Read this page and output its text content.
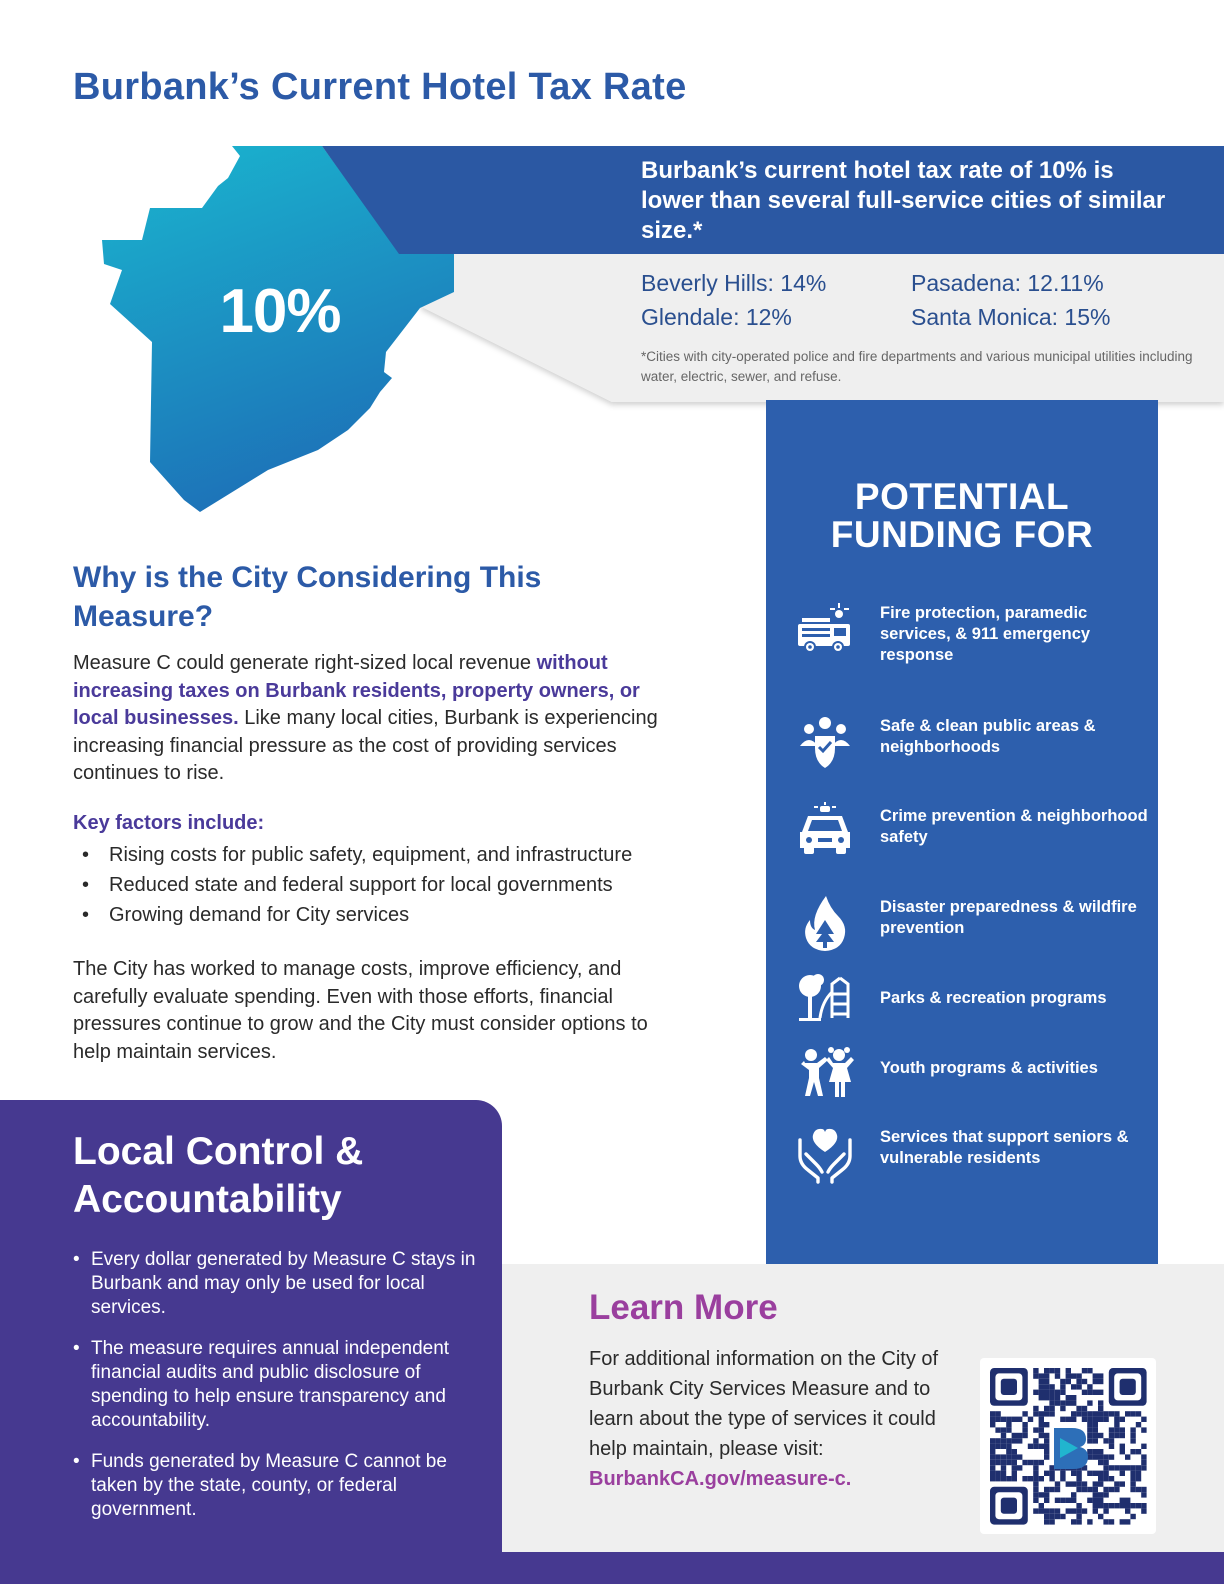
Burbank’s Current Hotel Tax Rate
10%
Burbank’s current hotel tax rate of 10% is lower than several full-service cities of similar size.*
Beverly Hills: 14%	Pasadena: 12.11%
Glendale: 12%	Santa Monica: 15%
*Cities with city-operated police and fire departments and various municipal utilities including water, electric, sewer, and refuse.
POTENTIAL FUNDING FOR
Fire protection, paramedic services, & 911 emergency response
Safe & clean public areas & neighborhoods
Crime prevention & neighborhood safety
Disaster preparedness & wildfire prevention
Parks & recreation programs
Youth programs & activities
Services that support seniors & vulnerable residents
Why is the City Considering This Measure?

Measure C could generate right-sized local revenue without increasing taxes on Burbank residents, property owners, or local businesses. Like many local cities, Burbank is experiencing increasing financial pressure as the cost of providing services continues to rise.

Key factors include:
• Rising costs for public safety, equipment, and infrastructure
• Reduced state and federal support for local governments
• Growing demand for City services

The City has worked to manage costs, improve efficiency, and carefully evaluate spending. Even with those efforts, financial pressures continue to grow and the City must consider options to help maintain services.

Local Control & Accountability
• Every dollar generated by Measure C stays in Burbank and may only be used for local services.
• The measure requires annual independent financial audits and public disclosure of spending to help ensure transparency and accountability.
• Funds generated by Measure C cannot be taken by the state, county, or federal government.
Learn More

For additional information on the City of Burbank City Services Measure and to learn about the type of services it could help maintain, please visit:
BurbankCA.gov/measure-c.
